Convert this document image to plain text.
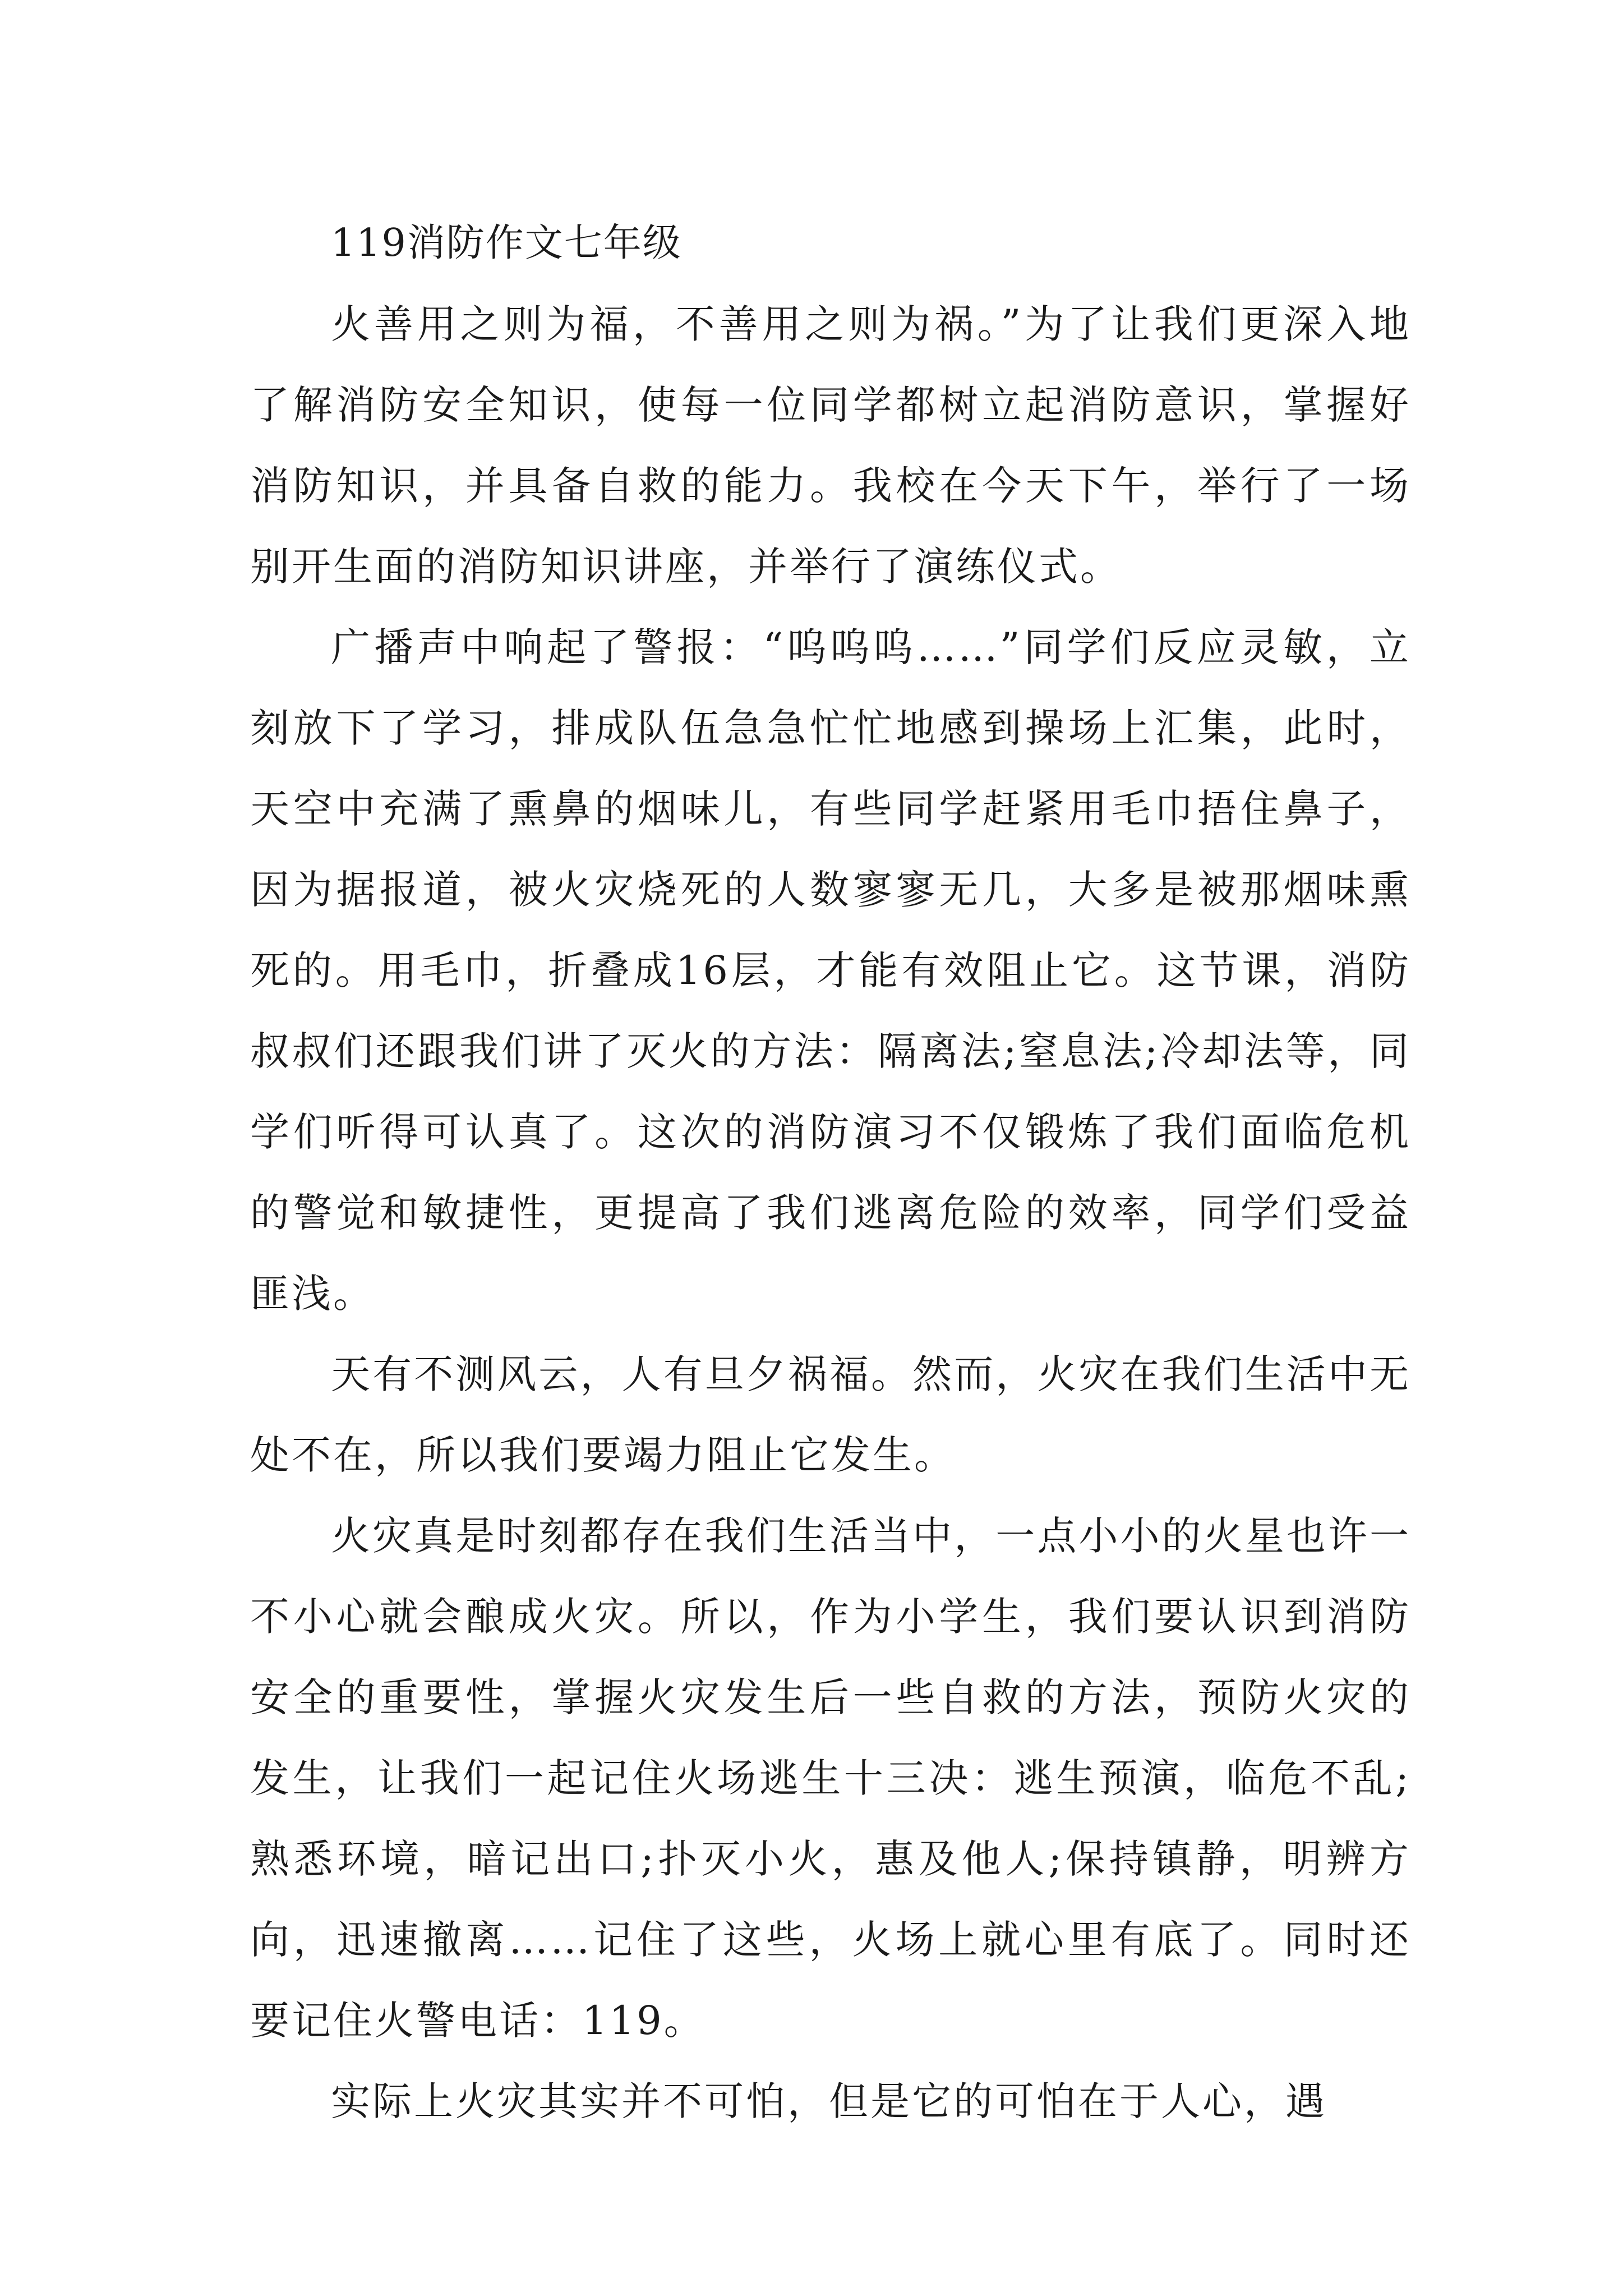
119消防作文七年级

火善用之则为福，不善用之则为祸。”为了让我们更深入地了解消防安全知识，使每一位同学都树立起消防意识，掌握好消防知识，并具备自救的能力。我校在今天下午，举行了一场别开生面的消防知识讲座，并举行了演练仪式。

广播声中响起了警报：“呜呜呜……”同学们反应灵敏，立刻放下了学习，排成队伍急急忙忙地感到操场上汇集，此时，天空中充满了熏鼻的烟味儿，有些同学赶紧用毛巾捂住鼻子，因为据报道，被火灾烧死的人数寥寥无几，大多是被那烟味熏死的。用毛巾，折叠成16层，才能有效阻止它。这节课，消防叔叔们还跟我们讲了灭火的方法：隔离法;窒息法;冷却法等，同学们听得可认真了。这次的消防演习不仅锻炼了我们面临危机的警觉和敏捷性，更提高了我们逃离危险的效率，同学们受益匪浅。

天有不测风云，人有旦夕祸福。然而，火灾在我们生活中无处不在，所以我们要竭力阻止它发生。

火灾真是时刻都存在我们生活当中，一点小小的火星也许一不小心就会酿成火灾。所以，作为小学生，我们要认识到消防安全的重要性，掌握火灾发生后一些自救的方法，预防火灾的发生，让我们一起记住火场逃生十三决：逃生预演，临危不乱;熟悉环境，暗记出口;扑灭小火，惠及他人;保持镇静，明辨方向，迅速撤离……记住了这些，火场上就心里有底了。同时还要记住火警电话：119。

实际上火灾其实并不可怕，但是它的可怕在于人心，遇
